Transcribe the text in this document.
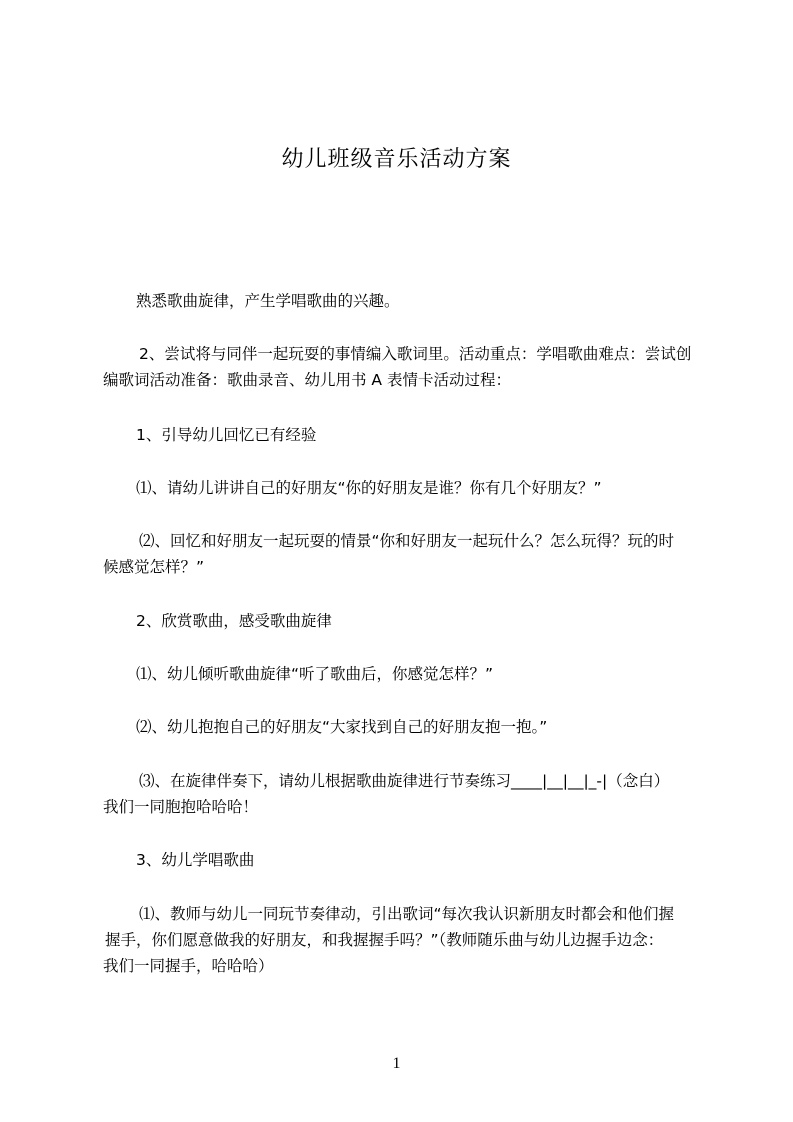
幼儿班级音乐活动方案

熟悉歌曲旋律，产生学唱歌曲的兴趣。

2、尝试将与同伴一起玩耍的事情编入歌词里。活动重点：学唱歌曲难点：尝试创
编歌词活动准备：歌曲录音、幼儿用书 A 表情卡活动过程：

1、引导幼儿回忆已有经验

⑴、请幼儿讲讲自己的好朋友“你的好朋友是谁？你有几个好朋友？”

⑵、回忆和好朋友一起玩耍的情景“你和好朋友一起玩什么？怎么玩得？玩的时
候感觉怎样？”

2、欣赏歌曲，感受歌曲旋律

⑴、幼儿倾听歌曲旋律“听了歌曲后，你感觉怎样？”

⑵、幼儿抱抱自己的好朋友“大家找到自己的好朋友抱一抱。”

⑶、在旋律伴奏下，请幼儿根据歌曲旋律进行节奏练习____|__|__|_-|（念白）
我们一同胞抱哈哈哈！

3、幼儿学唱歌曲

⑴、教师与幼儿一同玩节奏律动，引出歌词“每次我认识新朋友时都会和他们握
握手，你们愿意做我的好朋友，和我握握手吗？”（教师随乐曲与幼儿边握手边念：
我们一同握手，哈哈哈）

1
